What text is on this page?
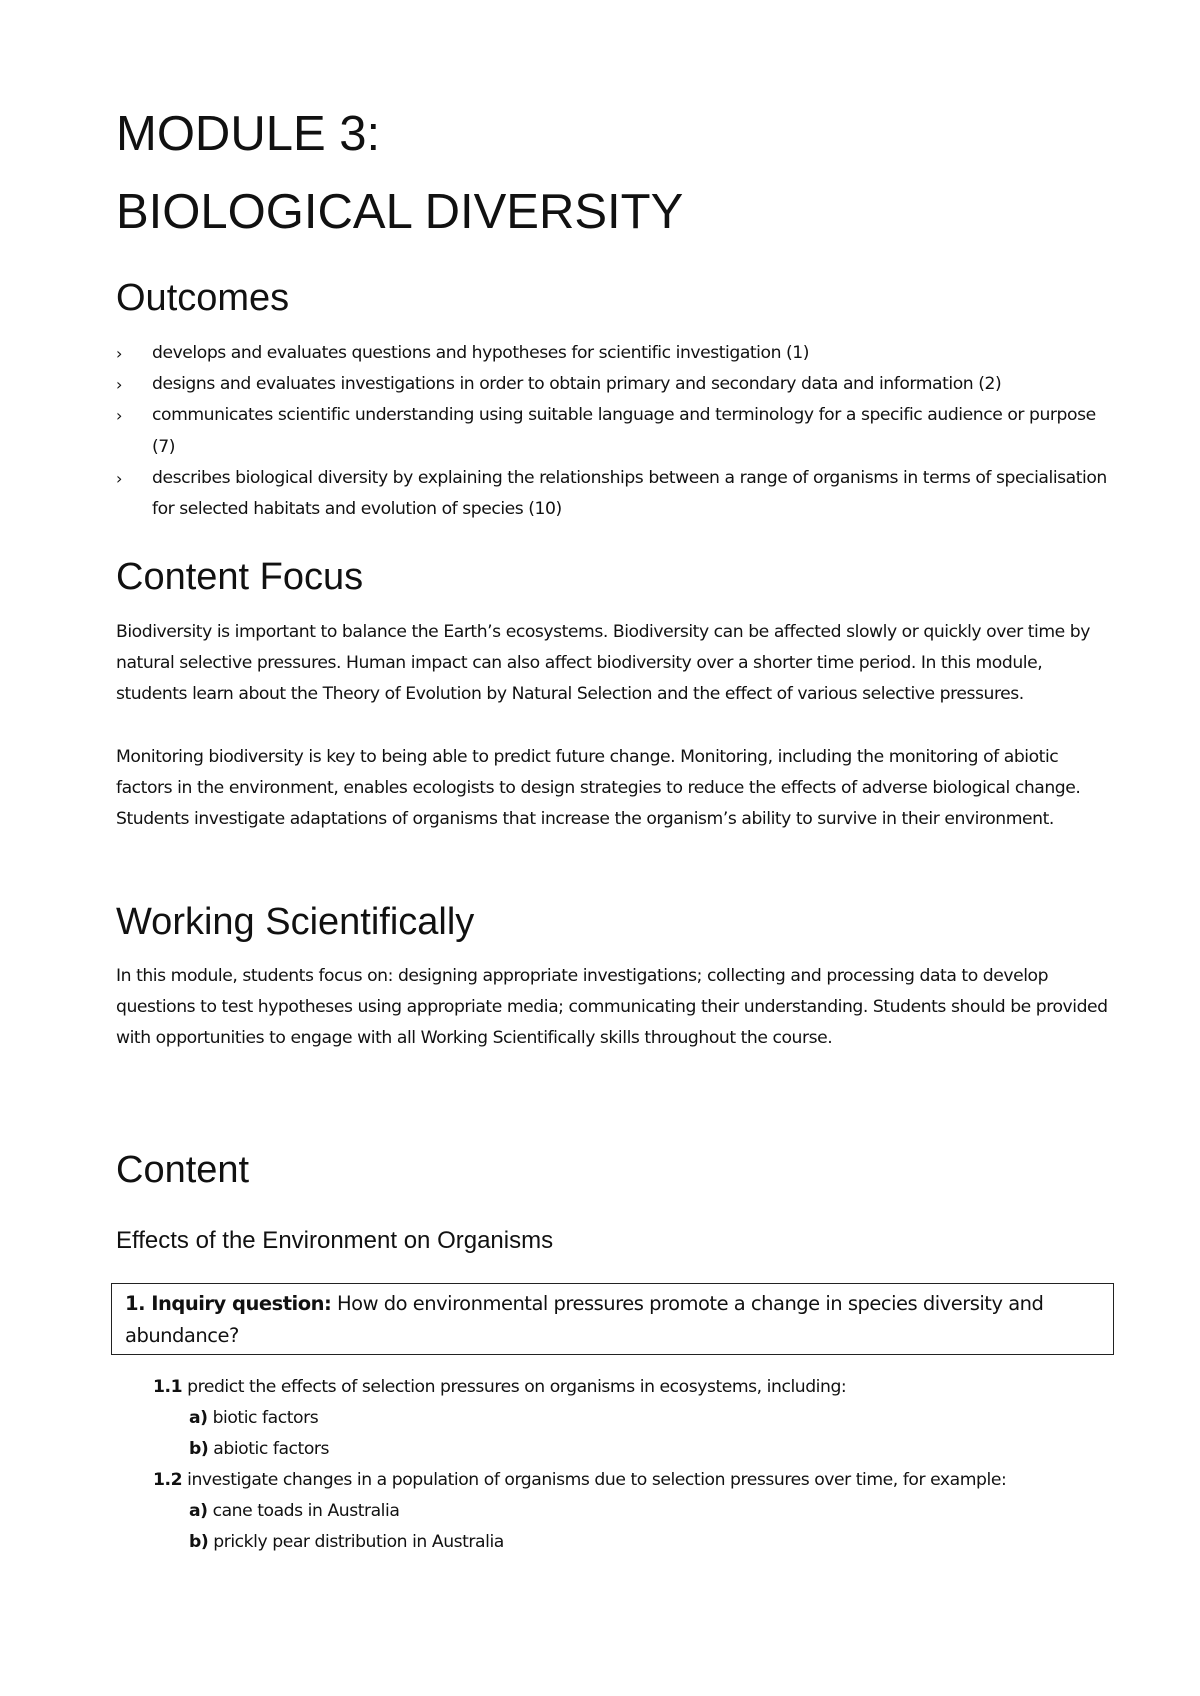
MODULE 3:
BIOLOGICAL DIVERSITY
Outcomes
›	develops and evaluates questions and hypotheses for scientific investigation (1)
›	designs and evaluates investigations in order to obtain primary and secondary data and information (2)
›	communicates scientific understanding using suitable language and terminology for a specific audience or purpose (7)
›	describes biological diversity by explaining the relationships between a range of organisms in terms of specialisation for selected habitats and evolution of species (10)
Content Focus

Biodiversity is important to balance the Earth’s ecosystems. Biodiversity can be affected slowly or quickly over time by natural selective pressures. Human impact can also affect biodiversity over a shorter time period. In this module, students learn about the Theory of Evolution by Natural Selection and the effect of various selective pressures.

Monitoring biodiversity is key to being able to predict future change. Monitoring, including the monitoring of abiotic factors in the environment, enables ecologists to design strategies to reduce the effects of adverse biological change. Students investigate adaptations of organisms that increase the organism’s ability to survive in their environment.

Working Scientifically

In this module, students focus on: designing appropriate investigations; collecting and processing data to develop questions to test hypotheses using appropriate media; communicating their understanding. Students should be provided with opportunities to engage with all Working Scientifically skills throughout the course.

Content
Effects of the Environment on Organisms
1. Inquiry question: How do environmental pressures promote a change in species diversity and abundance?
1.1 predict the effects of selection pressures on organisms in ecosystems, including:
a) biotic factors
b) abiotic factors
1.2 investigate changes in a population of organisms due to selection pressures over time, for example:
a) cane toads in Australia
b) prickly pear distribution in Australia
